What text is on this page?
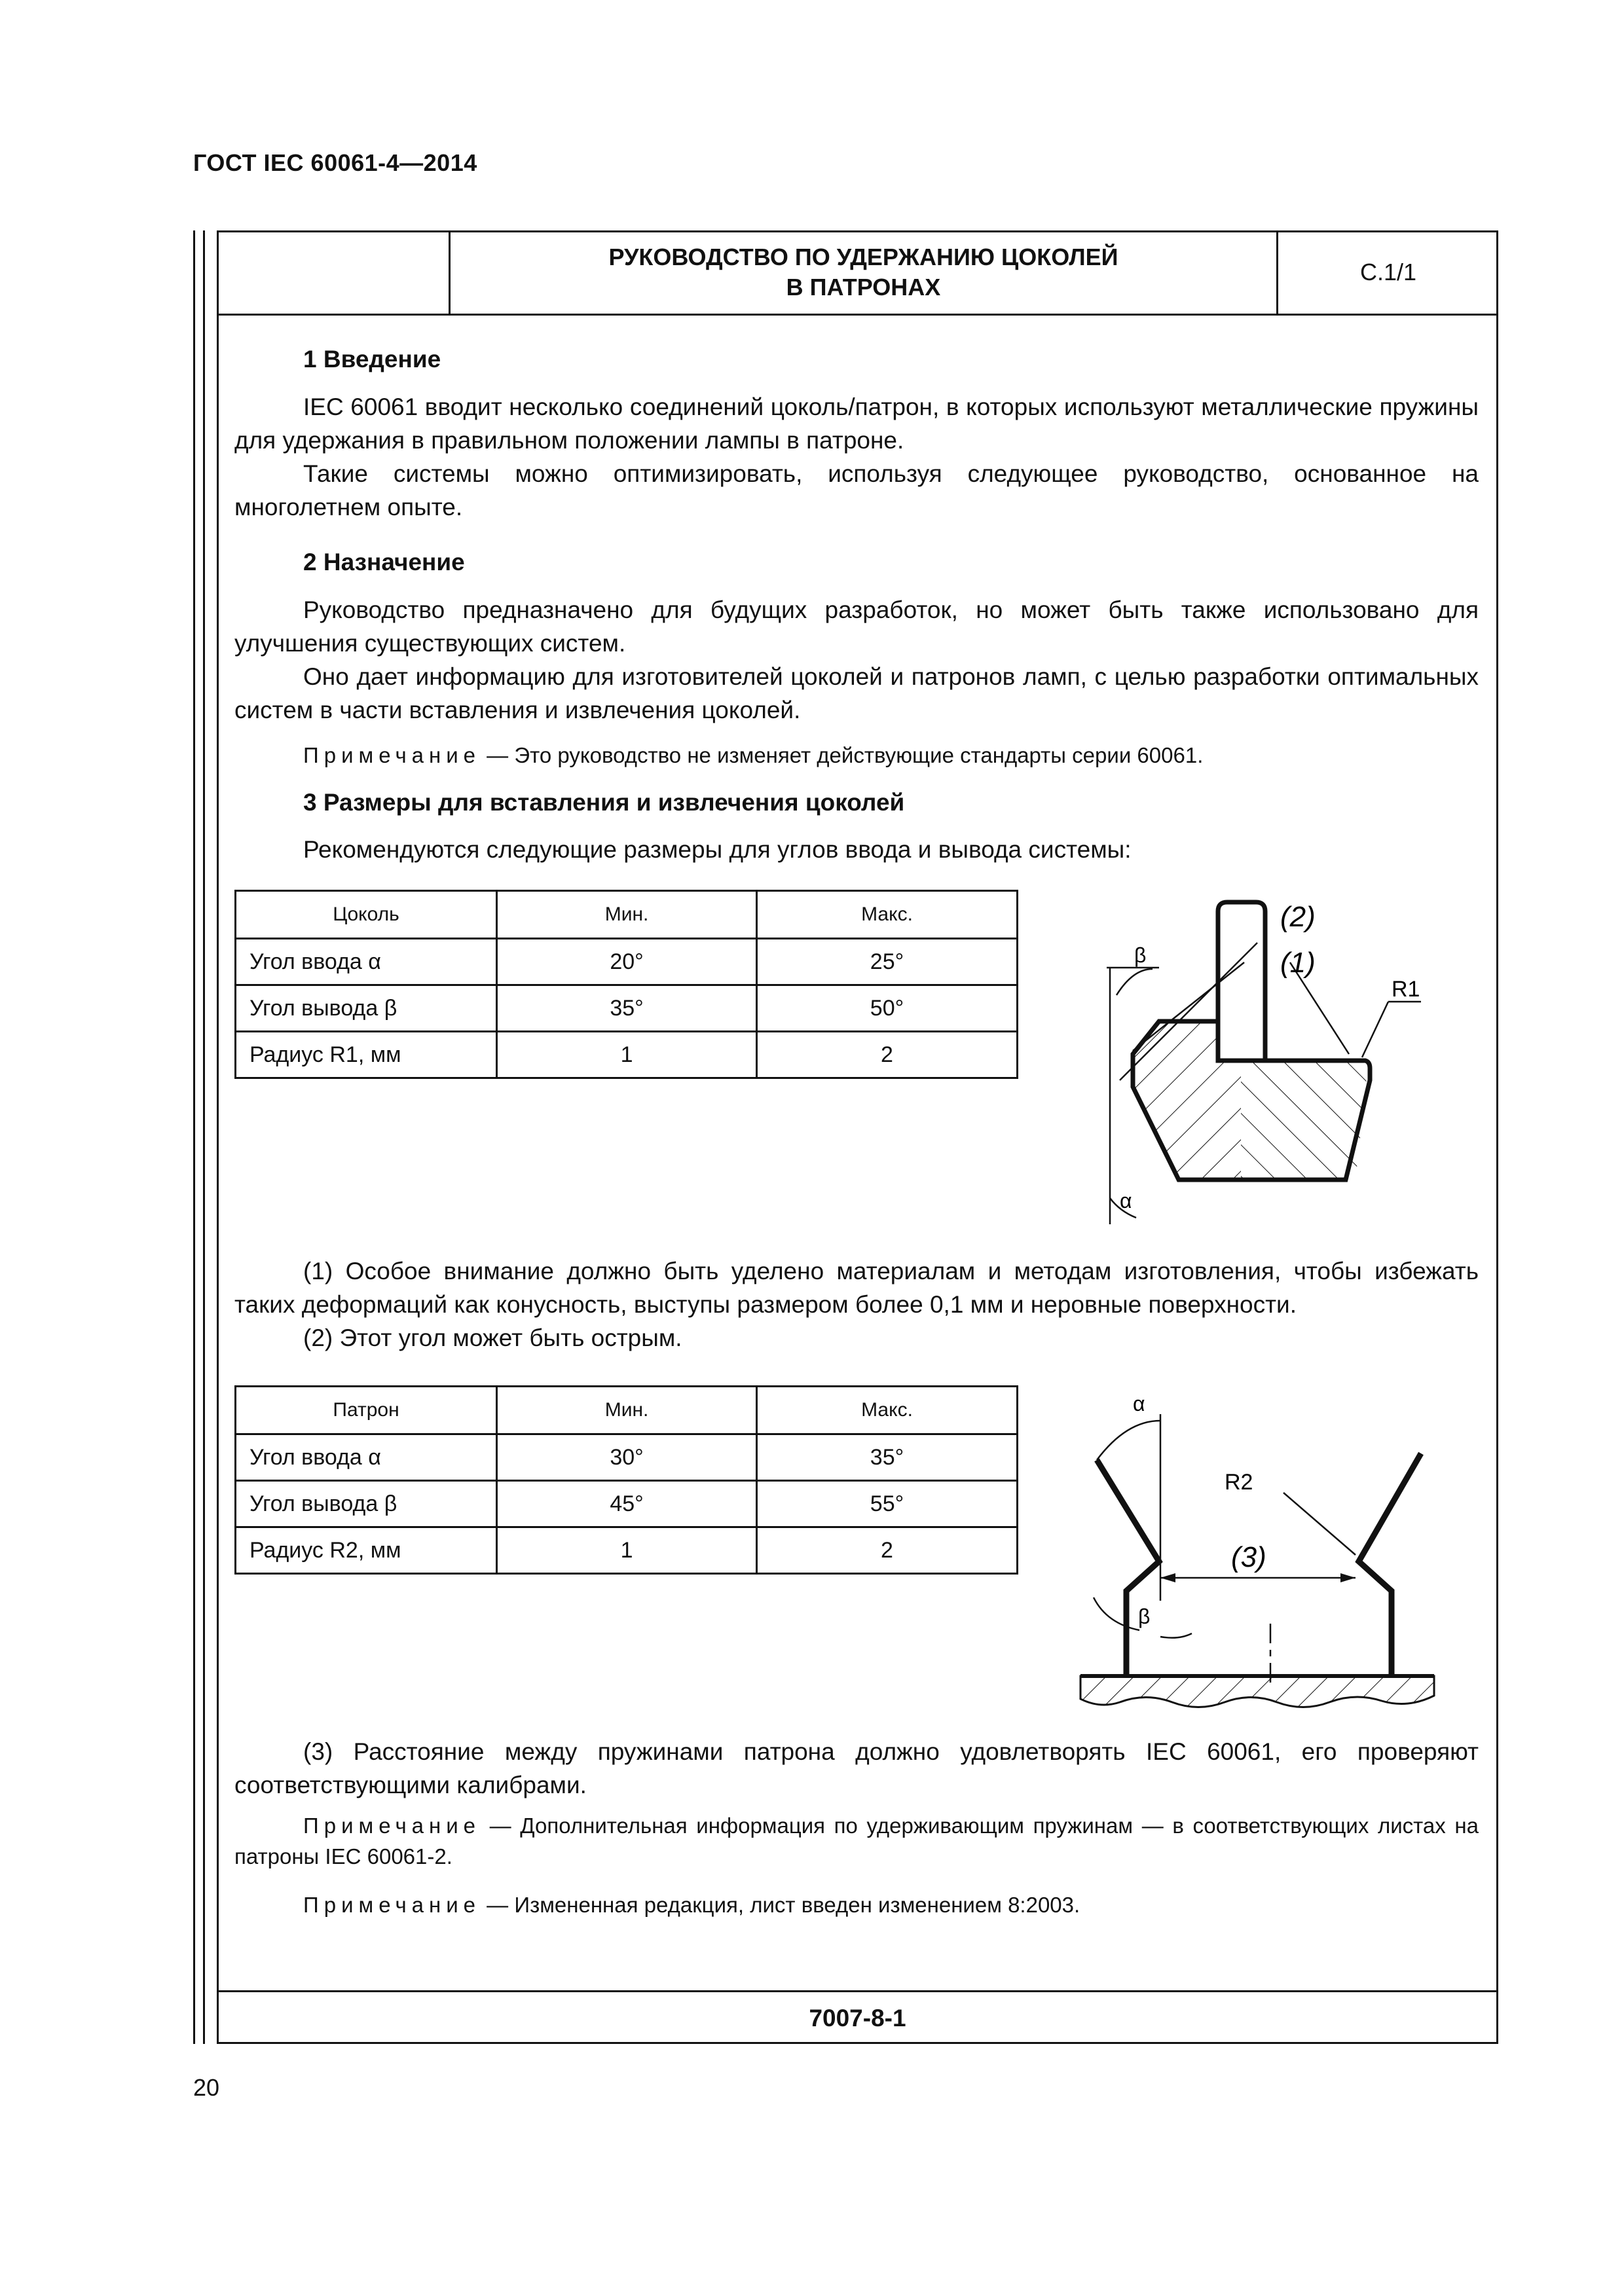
ГОСТ IEC 60061-4—2014
РУКОВОДСТВО ПО УДЕРЖАНИЮ ЦОКОЛЕЙ
В ПАТРОНАХ
С.1/1
1 Введение
IEC 60061 вводит несколько соединений цоколь/патрон, в которых используют металлические пружины для удержания в правильном положении лампы в патроне.
Такие системы можно оптимизировать, используя следующее руководство, основанное на многолетнем опыте.
2 Назначение
Руководство предназначено для будущих разработок, но может быть также использовано для улучшения существующих систем.
Оно дает информацию для изготовителей цоколей и патронов ламп, с целью разработки оптимальных систем в части вставления и извлечения цоколей.
Примечание — Это руководство не изменяет действующие стандарты серии 60061.
3 Размеры для вставления и извлечения цоколей
Рекомендуются следующие размеры для углов ввода и вывода системы:
Цоколь	Мин.	Макс.
Угол ввода α	20°	25°
Угол вывода β	35°	50°
Радиус R1, мм	1	2
(2)
(1)
R1
β
α
(1) Особое внимание должно быть уделено материалам и методам изготовления, чтобы избежать таких деформаций как конусность, выступы размером более 0,1 мм и неровные поверхности.
(2) Этот угол может быть острым.
Патрон	Мин.	Макс.
Угол ввода α	30°	35°
Угол вывода β	45°	55°
Радиус R2, мм	1	2
α
R2
(3)
β
(3) Расстояние между пружинами патрона должно удовлетворять IEC 60061, его проверяют соответствующими калибрами.
Примечание — Дополнительная информация по удерживающим пружинам — в соответствующих листах на патроны IEC 60061-2.
Примечание — Измененная редакция, лист введен изменением 8:2003.
7007-8-1
20
